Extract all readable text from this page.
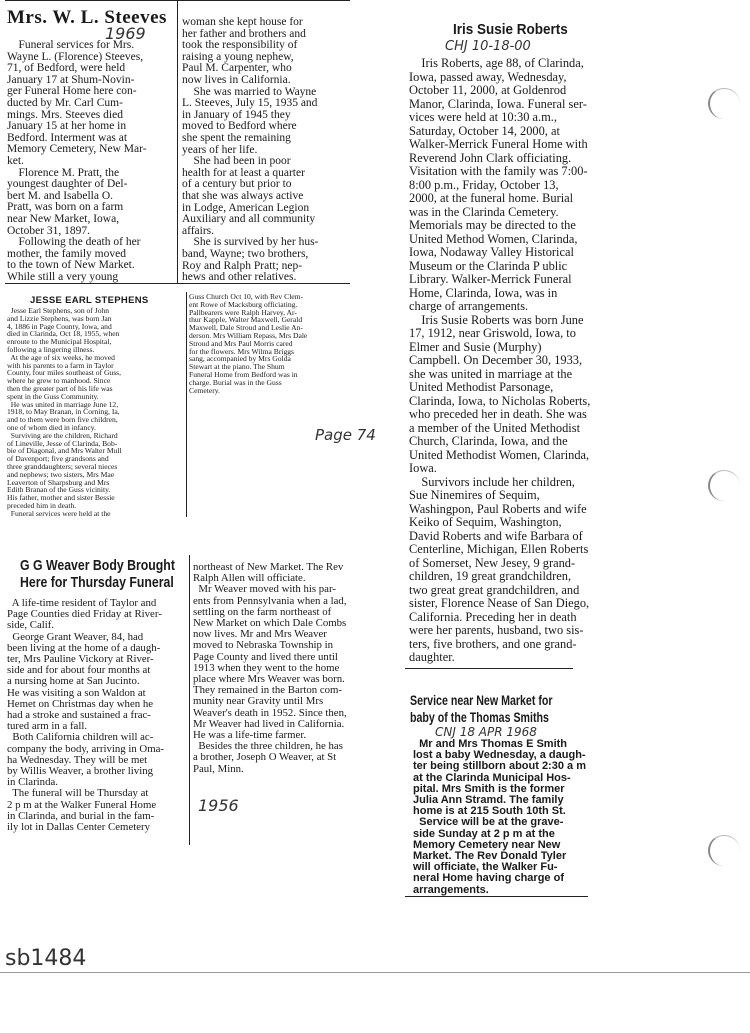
Mrs. W. L. Steeves
1969
Funeral services for Mrs.
Wayne L. (Florence) Steeves,
71, of Bedford, were held
January 17 at Shum-Novin-
ger Funeral Home here con-
ducted by Mr. Carl Cum-
mings. Mrs. Steeves died
January 15 at her home in
Bedford. Interment was at
Memory Cemetery, New Mar-
ket.
Florence M. Pratt, the
youngest daughter of Del-
bert M. and Isabella O.
Pratt, was born on a farm
near New Market, Iowa,
October 31, 1897.
Following the death of her
mother, the family moved
to the town of New Market.
While still a very young
woman she kept house for
her father and brothers and
took the responsibility of
raising a young nephew,
Paul M. Carpenter, who
now lives in California.
She was married to Wayne
L. Steeves, July 15, 1935 and
in January of 1945 they
moved to Bedford where
she spent the remaining
years of her life.
She had been in poor
health for at least a quarter
of a century but prior to
that she was always active
in Lodge, American Legion
Auxiliary and all community
affairs.
She is survived by her hus-
band, Wayne; two brothers,
Roy and Ralph Pratt; nep-
hews and other relatives.
JESSE EARL STEPHENS
Jesse Earl Stephens, son of John
and Lizzie Stephens, was born Jan
4, 1886 in Page County, Iowa, and
died in Clarinda, Oct 18, 1955, when
enroute to the Municipal Hospital,
following a lingering illness.
At the age of six weeks, he moved
with his parents to a farm in Taylor
County, four miles southeast of Guss,
where he grew to manhood. Since
then the greater part of his life was
spent in the Guss Community.
He was united in marriage June 12,
1918, to May Branan, in Corning, Ia,
and to them were born five children,
one of whom died in infancy.
Surviving are the children, Richard
of Lineville, Jesse of Clarinda, Bob-
bie of Diagonal, and Mrs Walter Mull
of Davenport; five grandsons and
three granddaughters; several nieces
and nephews; two sisters, Mrs Mae
Leaverton of Sharpsburg and Mrs
Edith Branan of the Guss vicinity.
His father, mother and sister Bessie
preceded him in death.
Funeral services were held at the
Guss Church Oct 10, with Rev Clem-
ent Rowe of Macksburg officiating.
Pallbearers were Ralph Harvey, Ar-
thur Kapple, Walter Maxwell, Gerald
Maxwell, Dale Stroud and Leslie An-
derson. Mrs William Repass, Mrs Dale
Stroud and Mrs Paul Morris cared
for the flowers. Mrs Wilma Briggs
sang, accompanied by Mrs Golda
Stewart at the piano. The Shum
Funeral Home from Bedford was in
charge. Burial was in the Guss
Cemetery.
Page 74
G G Weaver Body Brought
Here for Thursday Funeral
A life-time resident of Taylor and
Page Counties died Friday at River-
side, Calif.
George Grant Weaver, 84, had
been living at the home of a daugh-
ter, Mrs Pauline Vickory at River-
side and for about four months at
a nursing home at San Jucinto.
He was visiting a son Waldon at
Hemet on Christmas day when he
had a stroke and sustained a frac-
tured arm in a fall.
Both California children will ac-
company the body, arriving in Oma-
ha Wednesday. They will be met
by Willis Weaver, a brother living
in Clarinda.
The funeral will be Thursday at
2 p m at the Walker Funeral Home
in Clarinda, and burial in the fam-
ily lot in Dallas Center Cemetery
northeast of New Market. The Rev
Ralph Allen will officiate.
Mr Weaver moved with his par-
ents from Pennsylvania when a lad,
settling on the farm northeast of
New Market on which Dale Combs
now lives. Mr and Mrs Weaver
moved to Nebraska Township in
Page County and lived there until
1913 when they went to the home
place where Mrs Weaver was born.
They remained in the Barton com-
munity near Gravity until Mrs
Weaver's death in 1952. Since then,
Mr Weaver had lived in California.
He was a life-time farmer.
Besides the three children, he has
a brother, Joseph O Weaver, at St
Paul, Minn.
1956
Iris Susie Roberts
CHJ 10-18-00
Iris Roberts, age 88, of Clarinda,
Iowa, passed away, Wednesday,
October 11, 2000, at Goldenrod
Manor, Clarinda, Iowa. Funeral ser-
vices were held at 10:30 a.m.,
Saturday, October 14, 2000, at
Walker-Merrick Funeral Home with
Reverend John Clark officiating.
Visitation with the family was 7:00-
8:00 p.m., Friday, October 13,
2000, at the funeral home. Burial
was in the Clarinda Cemetery.
Memorials may be directed to the
United Method Women, Clarinda,
Iowa, Nodaway Valley Historical
Museum or the Clarinda P ublic
Library. Walker-Merrick Funeral
Home, Clarinda, Iowa, was in
charge of arrangements.
Iris Susie Roberts was born June
17, 1912, near Griswold, Iowa, to
Elmer and Susie (Murphy)
Campbell. On December 30, 1933,
she was united in marriage at the
United Methodist Parsonage,
Clarinda, Iowa, to Nicholas Roberts,
who preceded her in death. She was
a member of the United Methodist
Church, Clarinda, Iowa, and the
United Methodist Women, Clarinda,
Iowa.
Survivors include her children,
Sue Ninemires of Sequim,
Washingpon, Paul Roberts and wife
Keiko of Sequim, Washington,
David Roberts and wife Barbara of
Centerline, Michigan, Ellen Roberts
of Somerset, New Jesey, 9 grand-
children, 19 great grandchildren,
two great great grandchildren, and
sister, Florence Nease of San Diego,
California. Preceding her in death
were her parents, husband, two sis-
ters, five brothers, and one grand-
daughter.
Service near New Market for
baby of the Thomas Smiths
CNJ 18 APR 1968
Mr and Mrs Thomas E Smith
lost a baby Wednesday, a daugh-
ter being stillborn about 2:30 a m
at the Clarinda Municipal Hos-
pital. Mrs Smith is the former
Julia Ann Stramd. The family
home is at 215 South 10th St.
Service will be at the grave-
side Sunday at 2 p m at the
Memory Cemetery near New
Market. The Rev Donald Tyler
will officiate, the Walker Fu-
neral Home having charge of
arrangements.
sb1484
